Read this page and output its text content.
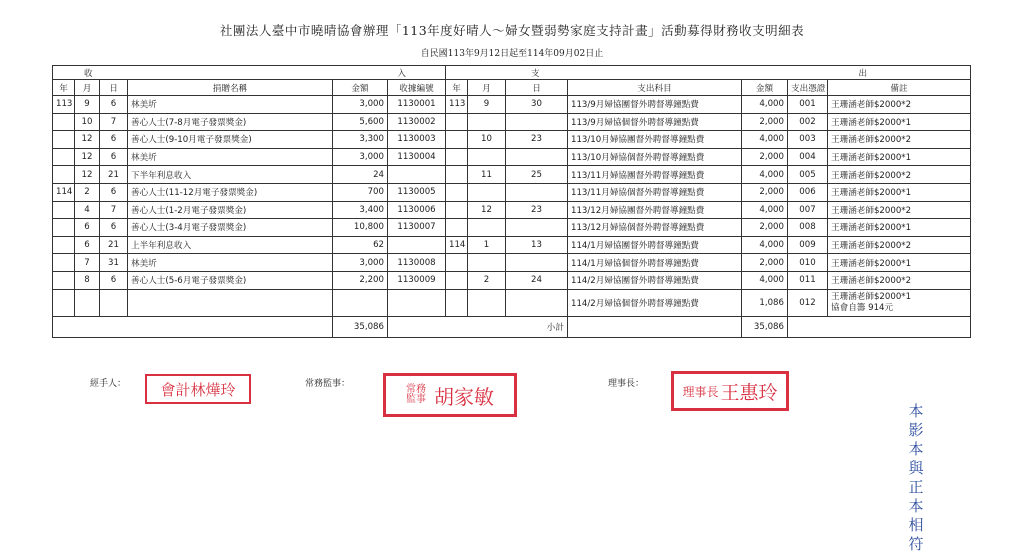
社團法人臺中市曉晴協會辦理「113年度好晴人～婦女暨弱勢家庭支持計畫」活動募得財務收支明細表
自民國113年9月12日起至114年09月02日止
收 入						支 出						

年	月	日	捐贈名稱	金額	收據編號	年	月	日	支出科目	金額	支出憑證	備註
113	9	6	林美圻	3,000	1130001	113	9	30	113/9月婦協團督外聘督導鐘點費	4,000	001	王珊涵老師$2000*2
	10	7	善心人士(7-8月電子發票獎金)	5,600	1130002				113/9月婦協個督外聘督導鐘點費	2,000	002	王珊涵老師$2000*1
	12	6	善心人士(9-10月電子發票獎金)	3,300	1130003		10	23	113/10月婦協團督外聘督導鐘點費	4,000	003	王珊涵老師$2000*2
	12	6	林美圻	3,000	1130004				113/10月婦協個督外聘督導鐘點費	2,000	004	王珊涵老師$2000*1
	12	21	下半年利息收入	24			11	25	113/11月婦協團督外聘督導鐘點費	4,000	005	王珊涵老師$2000*2
114	2	6	善心人士(11-12月電子發票獎金)	700	1130005				113/11月婦協個督外聘督導鐘點費	2,000	006	王珊涵老師$2000*1
	4	7	善心人士(1-2月電子發票獎金)	3,400	1130006		12	23	113/12月婦協團督外聘督導鐘點費	4,000	007	王珊涵老師$2000*2
	6	6	善心人士(3-4月電子發票獎金)	10,800	1130007				113/12月婦協個督外聘督導鐘點費	2,000	008	王珊涵老師$2000*1
	6	21	上半年利息收入	62		114	1	13	114/1月婦協團督外聘督導鐘點費	4,000	009	王珊涵老師$2000*2
	7	31	林美圻	3,000	1130008				114/1月婦協個督外聘督導鐘點費	2,000	010	王珊涵老師$2000*1
	8	6	善心人士(5-6月電子發票獎金)	2,200	1130009		2	24	114/2月婦協團督外聘督導鐘點費	4,000	011	王珊涵老師$2000*2
									114/2月婦協個督外聘督導鐘點費	1,086	012	王珊涵老師$2000*1
協會自籌 914元

				35,086	小計					35,086		
經手人： 會計林燁玲	常務監事：	常務監事 胡家敏
理事長：
理事長 王惠玲
本影本與正本相符
